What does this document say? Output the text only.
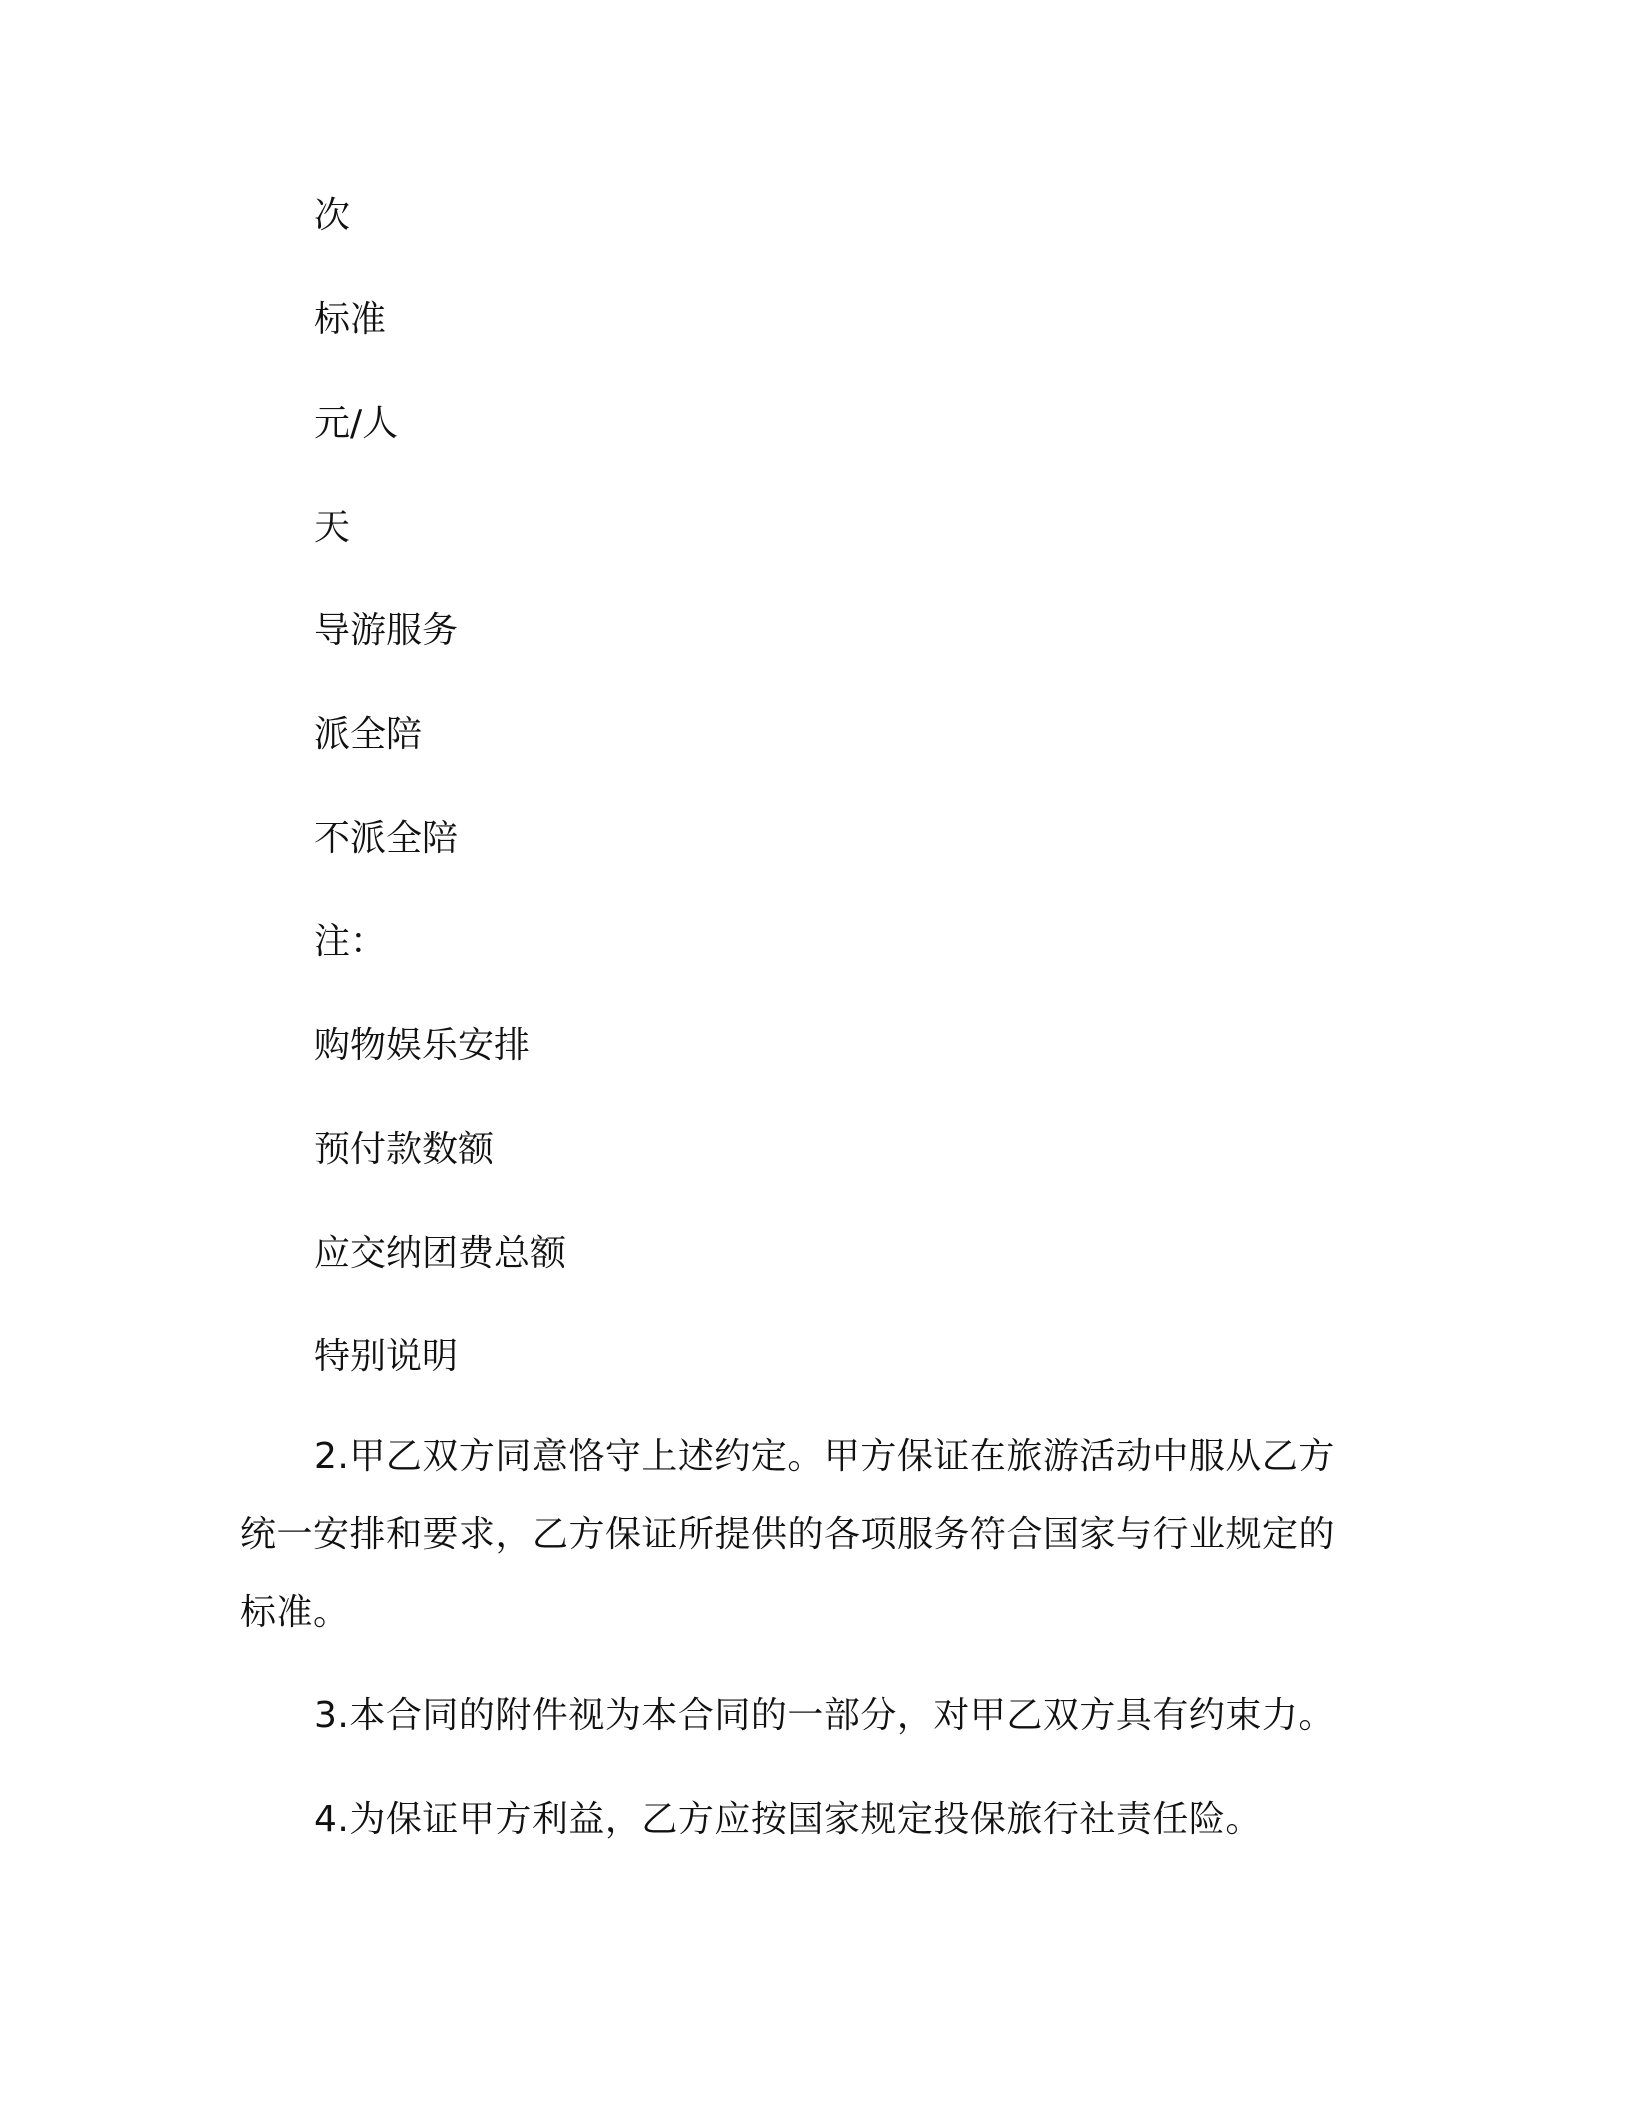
次

标准

元/人

天

导游服务

派全陪

不派全陪

注：

购物娱乐安排

预付款数额

应交纳团费总额

特别说明

2.甲乙双方同意恪守上述约定。甲方保证在旅游活动中服从乙方统一安排和要求，乙方保证所提供的各项服务符合国家与行业规定的标准。

3.本合同的附件视为本合同的一部分，对甲乙双方具有约束力。

4.为保证甲方利益，乙方应按国家规定投保旅行社责任险。
